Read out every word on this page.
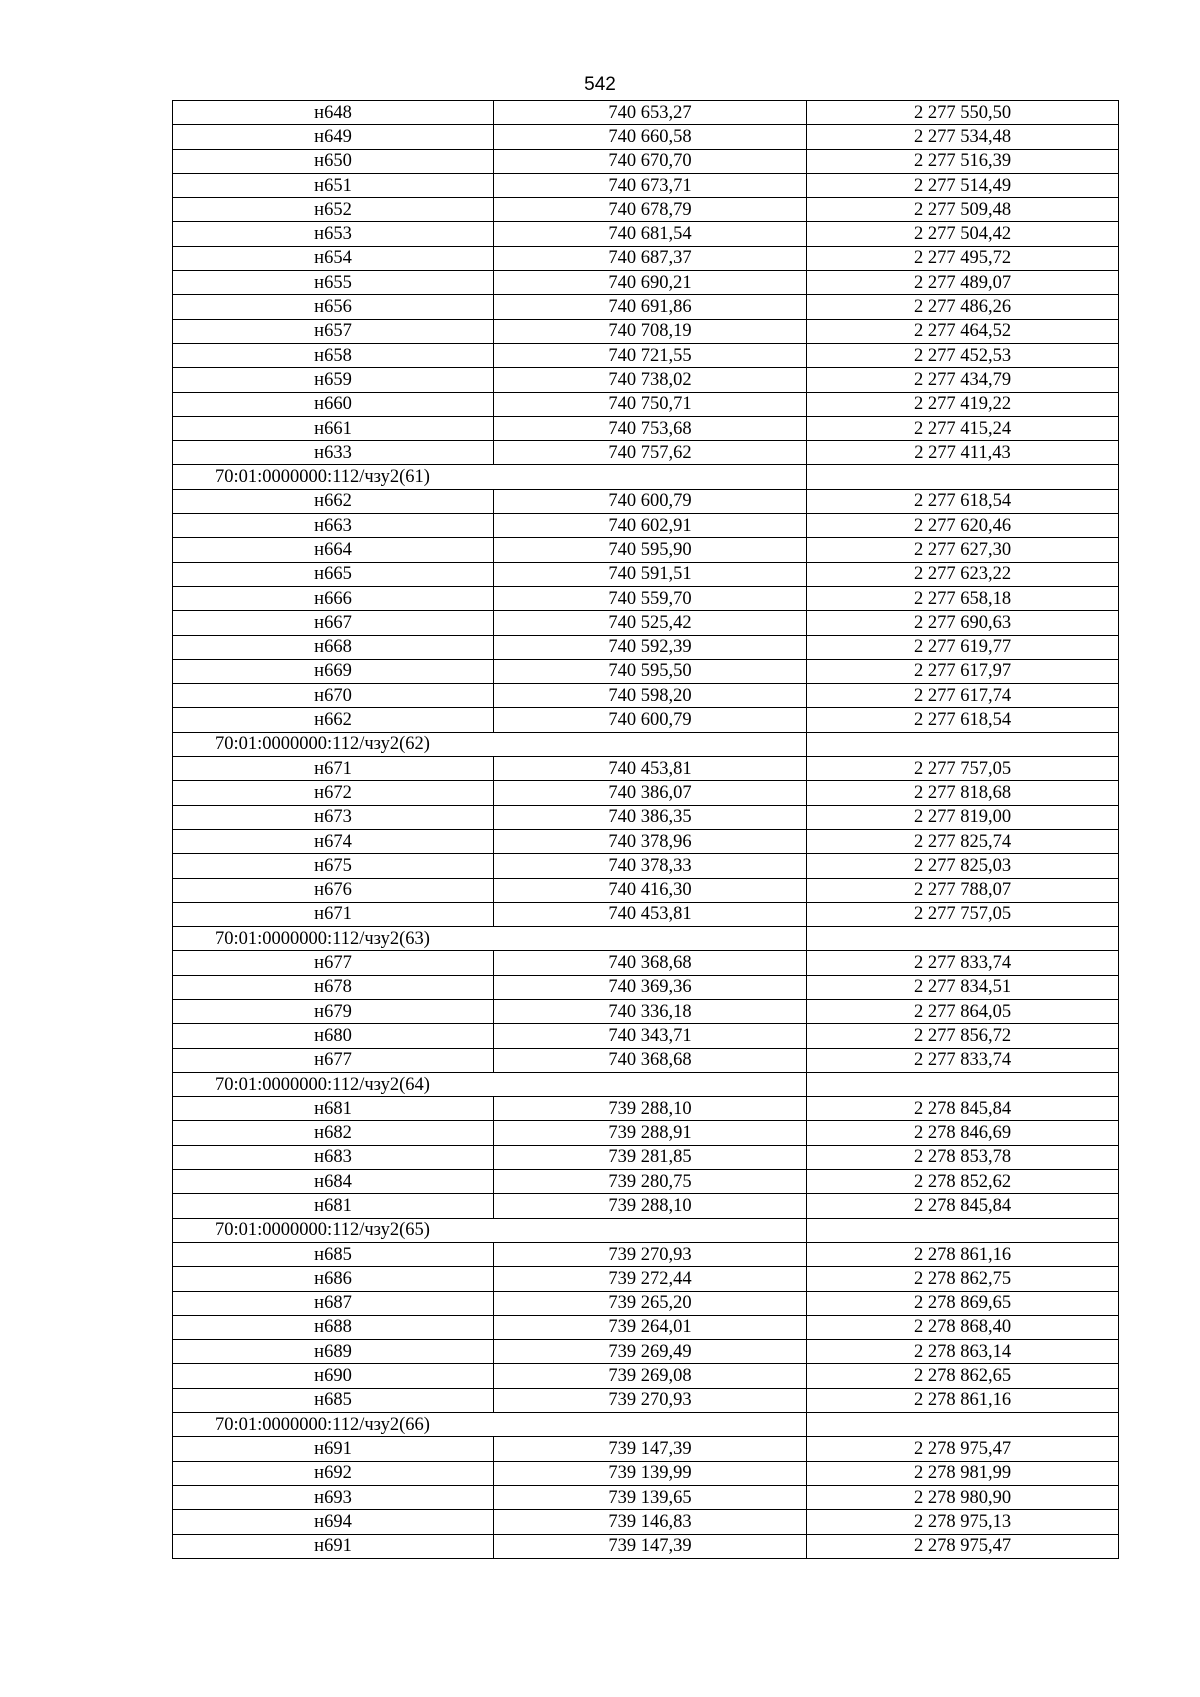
542
н648	740 653,27	2 277 550,50
н649	740 660,58	2 277 534,48
н650	740 670,70	2 277 516,39
н651	740 673,71	2 277 514,49
н652	740 678,79	2 277 509,48
н653	740 681,54	2 277 504,42
н654	740 687,37	2 277 495,72
н655	740 690,21	2 277 489,07
н656	740 691,86	2 277 486,26
н657	740 708,19	2 277 464,52
н658	740 721,55	2 277 452,53
н659	740 738,02	2 277 434,79
н660	740 750,71	2 277 419,22
н661	740 753,68	2 277 415,24
н633	740 757,62	2 277 411,43
70:01:0000000:112/чзу2(61)		
н662	740 600,79	2 277 618,54
н663	740 602,91	2 277 620,46
н664	740 595,90	2 277 627,30
н665	740 591,51	2 277 623,22
н666	740 559,70	2 277 658,18
н667	740 525,42	2 277 690,63
н668	740 592,39	2 277 619,77
н669	740 595,50	2 277 617,97
н670	740 598,20	2 277 617,74
н662	740 600,79	2 277 618,54
70:01:0000000:112/чзу2(62)		
н671	740 453,81	2 277 757,05
н672	740 386,07	2 277 818,68
н673	740 386,35	2 277 819,00
н674	740 378,96	2 277 825,74
н675	740 378,33	2 277 825,03
н676	740 416,30	2 277 788,07
н671	740 453,81	2 277 757,05
70:01:0000000:112/чзу2(63)		
н677	740 368,68	2 277 833,74
н678	740 369,36	2 277 834,51
н679	740 336,18	2 277 864,05
н680	740 343,71	2 277 856,72
н677	740 368,68	2 277 833,74
70:01:0000000:112/чзу2(64)		
н681	739 288,10	2 278 845,84
н682	739 288,91	2 278 846,69
н683	739 281,85	2 278 853,78
н684	739 280,75	2 278 852,62
н681	739 288,10	2 278 845,84
70:01:0000000:112/чзу2(65)		
н685	739 270,93	2 278 861,16
н686	739 272,44	2 278 862,75
н687	739 265,20	2 278 869,65
н688	739 264,01	2 278 868,40
н689	739 269,49	2 278 863,14
н690	739 269,08	2 278 862,65
н685	739 270,93	2 278 861,16
70:01:0000000:112/чзу2(66)		
н691	739 147,39	2 278 975,47
н692	739 139,99	2 278 981,99
н693	739 139,65	2 278 980,90
н694	739 146,83	2 278 975,13
н691	739 147,39	2 278 975,47
